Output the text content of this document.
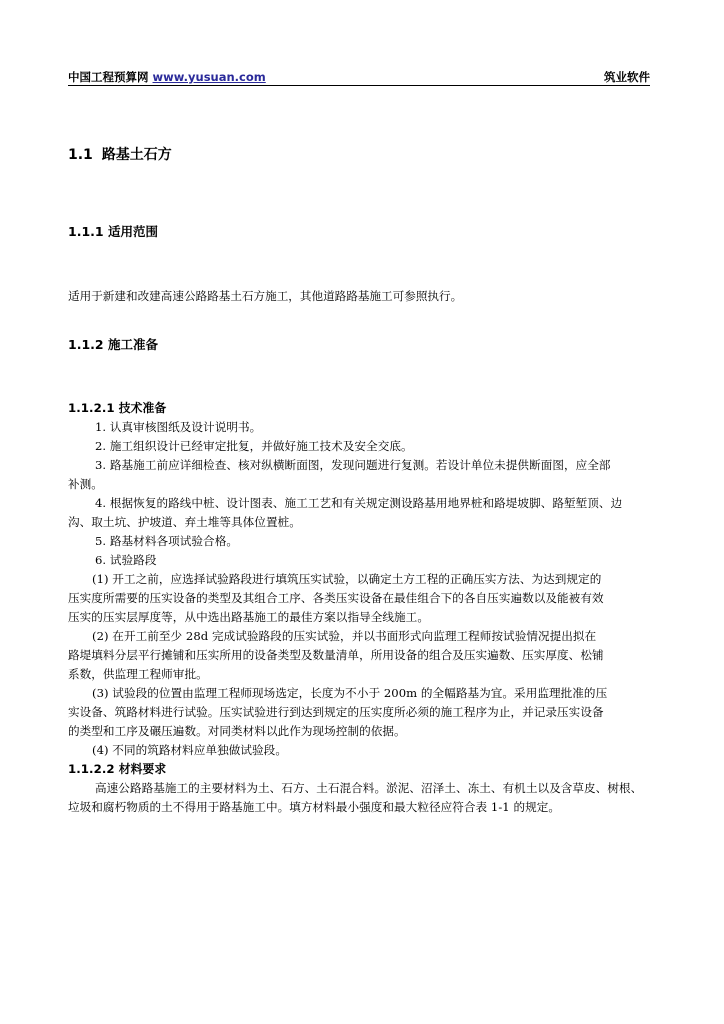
中国工程预算网 www.yusuan.com	筑业软件
1.1 路基土石方
1.1.1 适用范围
适用于新建和改建高速公路路基土石方施工，其他道路路基施工可参照执行。
1.1.2 施工准备
1.1.2.1 技术准备
1. 认真审核图纸及设计说明书。
2. 施工组织设计已经审定批复，并做好施工技术及安全交底。
3. 路基施工前应详细检查、核对纵横断面图，发现问题进行复测。若设计单位未提供断面图，应全部
补测。
4. 根据恢复的路线中桩、设计图表、施工工艺和有关规定测设路基用地界桩和路堤坡脚、路堑堑顶、边
沟、取土坑、护坡道、弃土堆等具体位置桩。
5. 路基材料各项试验合格。
6. 试验路段
(1) 开工之前，应选择试验路段进行填筑压实试验，以确定土方工程的正确压实方法、为达到规定的
压实度所需要的压实设备的类型及其组合工序、各类压实设备在最佳组合下的各自压实遍数以及能被有效
压实的压实层厚度等，从中选出路基施工的最佳方案以指导全线施工。
(2) 在开工前至少 28d 完成试验路段的压实试验，并以书面形式向监理工程师按试验情况提出拟在
路堤填料分层平行摊铺和压实所用的设备类型及数量清单，所用设备的组合及压实遍数、压实厚度、松铺
系数，供监理工程师审批。
(3) 试验段的位置由监理工程师现场选定，长度为不小于 200m 的全幅路基为宜。采用监理批准的压
实设备、筑路材料进行试验。压实试验进行到达到规定的压实度所必须的施工程序为止，并记录压实设备
的类型和工序及碾压遍数。对同类材料以此作为现场控制的依据。
(4) 不同的筑路材料应单独做试验段。
1.1.2.2 材料要求
高速公路路基施工的主要材料为土、石方、土石混合料。淤泥、沼泽土、冻土、有机土以及含草皮、树根、
垃圾和腐朽物质的土不得用于路基施工中。填方材料最小强度和最大粒径应符合表 1-1 的规定。
